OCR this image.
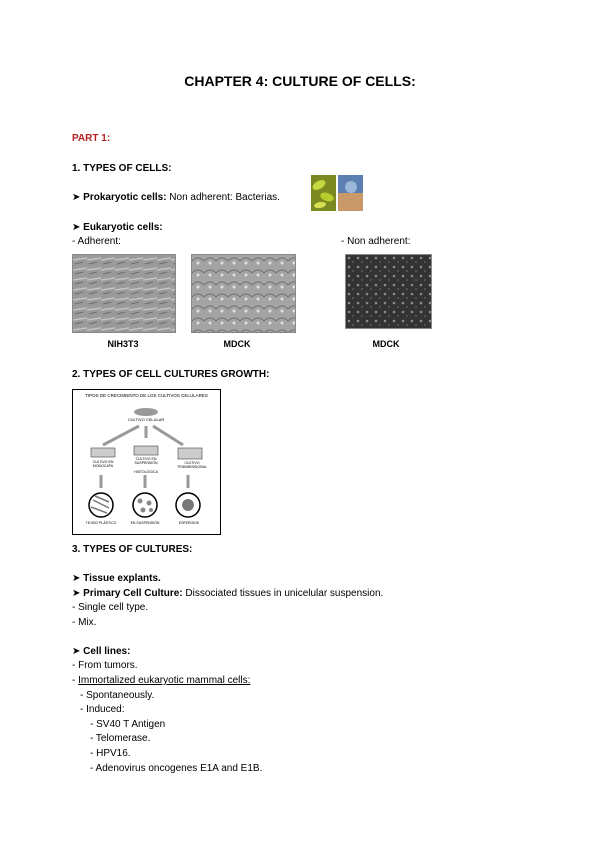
CHAPTER 4: CULTURE OF CELLS:
PART 1:
1. TYPES OF CELLS:
➤ Prokaryotic cells: Non adherent: Bacterias.
➤ Eukaryotic cells:
- Adherent:	- Non adherent:
NIH3T3	MDCK	MDCK
2. TYPES OF CELL CULTURES GROWTH:
TIPOS DE CRECIMIENTO DE LOS CULTIVOS CELULARES
CULTIVO CELULAR
CULTIVO EN MONOCAPA
CULTIVO EN SUSPENSIÓN
HISTOLÓGICA
CULTIVO TRIDIMENSIONAL
TEJIDO PLÁSTICO	EN SUSPENSIÓN	ESFEROIDE
3. TYPES OF CULTURES:
➤ Tissue explants.
➤ Primary Cell Culture: Dissociated tissues in unicelular suspension.
- Single cell type.
- Mix.
➤ Cell lines:
- From tumors.
- Immortalized eukaryotic mammal cells:
- Spontaneously.
- Induced:
- SV40 T Antigen
- Telomerase.
- HPV16.
- Adenovirus oncogenes E1A and E1B.
